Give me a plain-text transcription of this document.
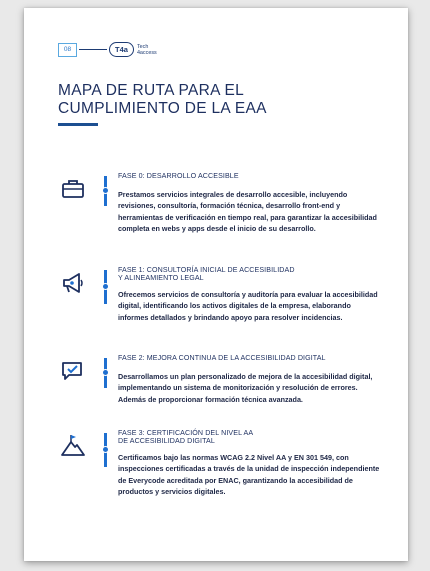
08	T4a Tech
4access
MAPA DE RUTA PARA EL
CUMPLIMIENTO DE LA EAA
FASE 0: DESARROLLO ACCESIBLE
Prestamos servicios integrales de desarrollo accesible, incluyendo revisiones, consultoría, formación técnica, desarrollo front-end y herramientas de verificación en tiempo real, para garantizar la accesibilidad completa en webs y apps desde el inicio de su desarrollo.
FASE 1: CONSULTORÍA INICIAL DE ACCESIBILIDAD
Y ALINEAMIENTO LEGAL
Ofrecemos servicios de consultoría y auditoría para evaluar la accesibilidad digital, identificando los activos digitales de la empresa, elaborando informes detallados y brindando apoyo para resolver incidencias.
FASE 2: MEJORA CONTINUA DE LA ACCESIBILIDAD DIGITAL
Desarrollamos un plan personalizado de mejora de la accesibilidad digital, implementando un sistema de monitorización y resolución de errores. Además de proporcionar formación técnica avanzada.
FASE 3: CERTIFICACIÓN DEL NIVEL AA
DE ACCESIBILIDAD DIGITAL
Certificamos bajo las normas WCAG 2.2 Nivel AA y EN 301 549, con inspecciones certificadas a través de la unidad de inspección independiente de Everycode acreditada por ENAC, garantizando la accesibilidad de productos y servicios digitales.
